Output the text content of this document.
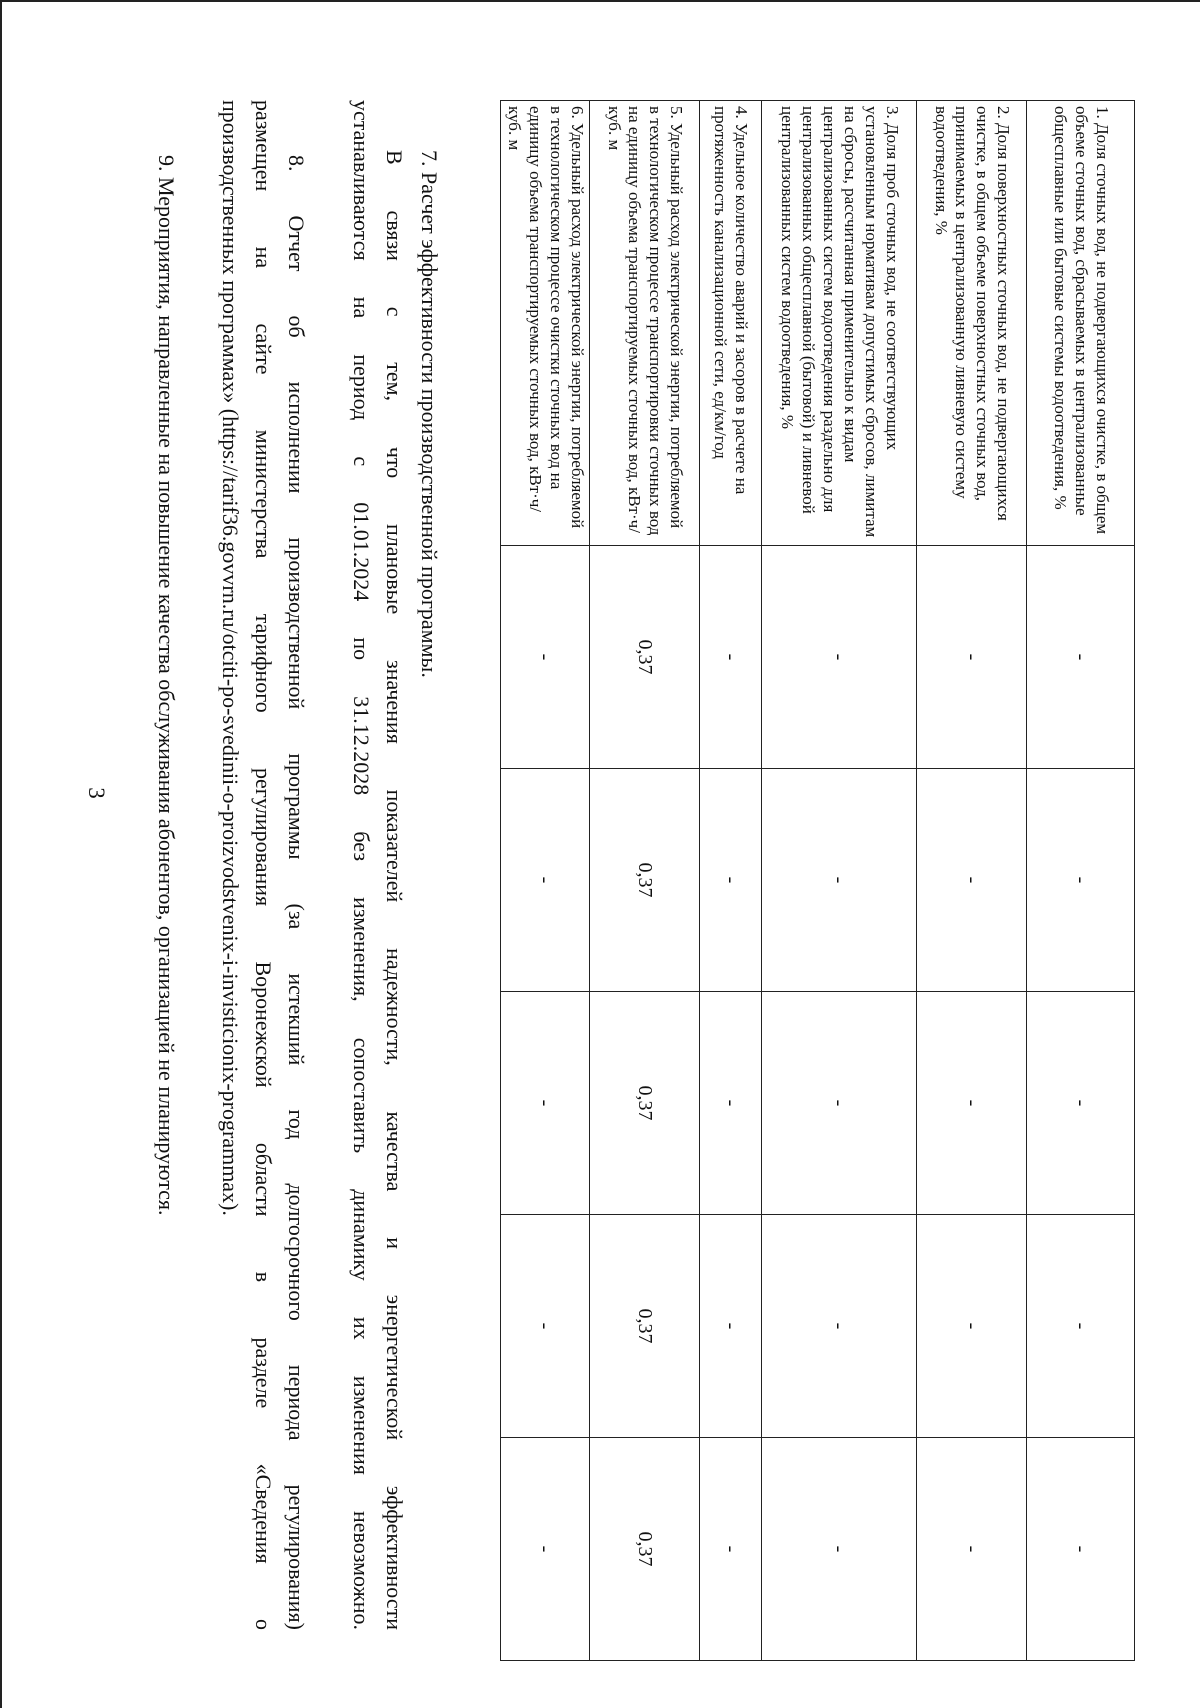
3
1. Доля сточных вод, не подвергающихся очистке, в общем объеме сточных вод, сбрасываемых в централизованные общесплавные или бытовые системы водоотведения, %	-	-	-	-	-
2. Доля поверхностных сточных вод, не подвергающихся очистке, в общем объеме поверхностных сточных вод, принимаемых в централизованную ливневую систему водоотведения, %	-	-	-	-	-
3. Доля проб сточных вод, не соответствующих установленным нормативам допустимых сбросов, лимитам на сбросы, рассчитанная применительно к видам централизованных систем водоотведения раздельно для централизованных общесплавной (бытовой) и ливневой централизованных систем водоотведения, %	-	-	-	-	-
4. Удельное количество аварий и засоров в расчете на протяженность канализационной сети, ед/км/год	-	-	-	-	-
5. Удельный расход электрической энергии, потребляемой в технологическом процессе транспортировки сточных вод на единицу объема транспортируемых сточных вод, кВт·ч/куб. м	0,37	0,37	0,37	0,37	0,37
6. Удельный расход электрической энергии, потребляемой в технологическом процессе очистки сточных вод на единицу объема транспортируемых сточных вод, кВт·ч/куб. м	-	-	-	-	-
7. Расчет эффективности производственной программы.
В связи с тем, что плановые значения показателей надежности, качества и энергетической эффективности
устанавливаются на период с 01.01.2024 по 31.12.2028 без изменения, сопоставить динамику их изменения невозможно.
8. Отчет об исполнении производственной программы (за истекший год долгосрочного периода регулирования)
размещен на сайте министерства тарифного регулирования Воронежской области в разделе «Сведения о
производственных программах» (https://tarif36.govvrn.ru/otciti-po-svedinii-o-proizvodstvenix-i-invisticionix-programmax).
9. Мероприятия, направленные на повышение качества обслуживания абонентов, организацией не планируются.
